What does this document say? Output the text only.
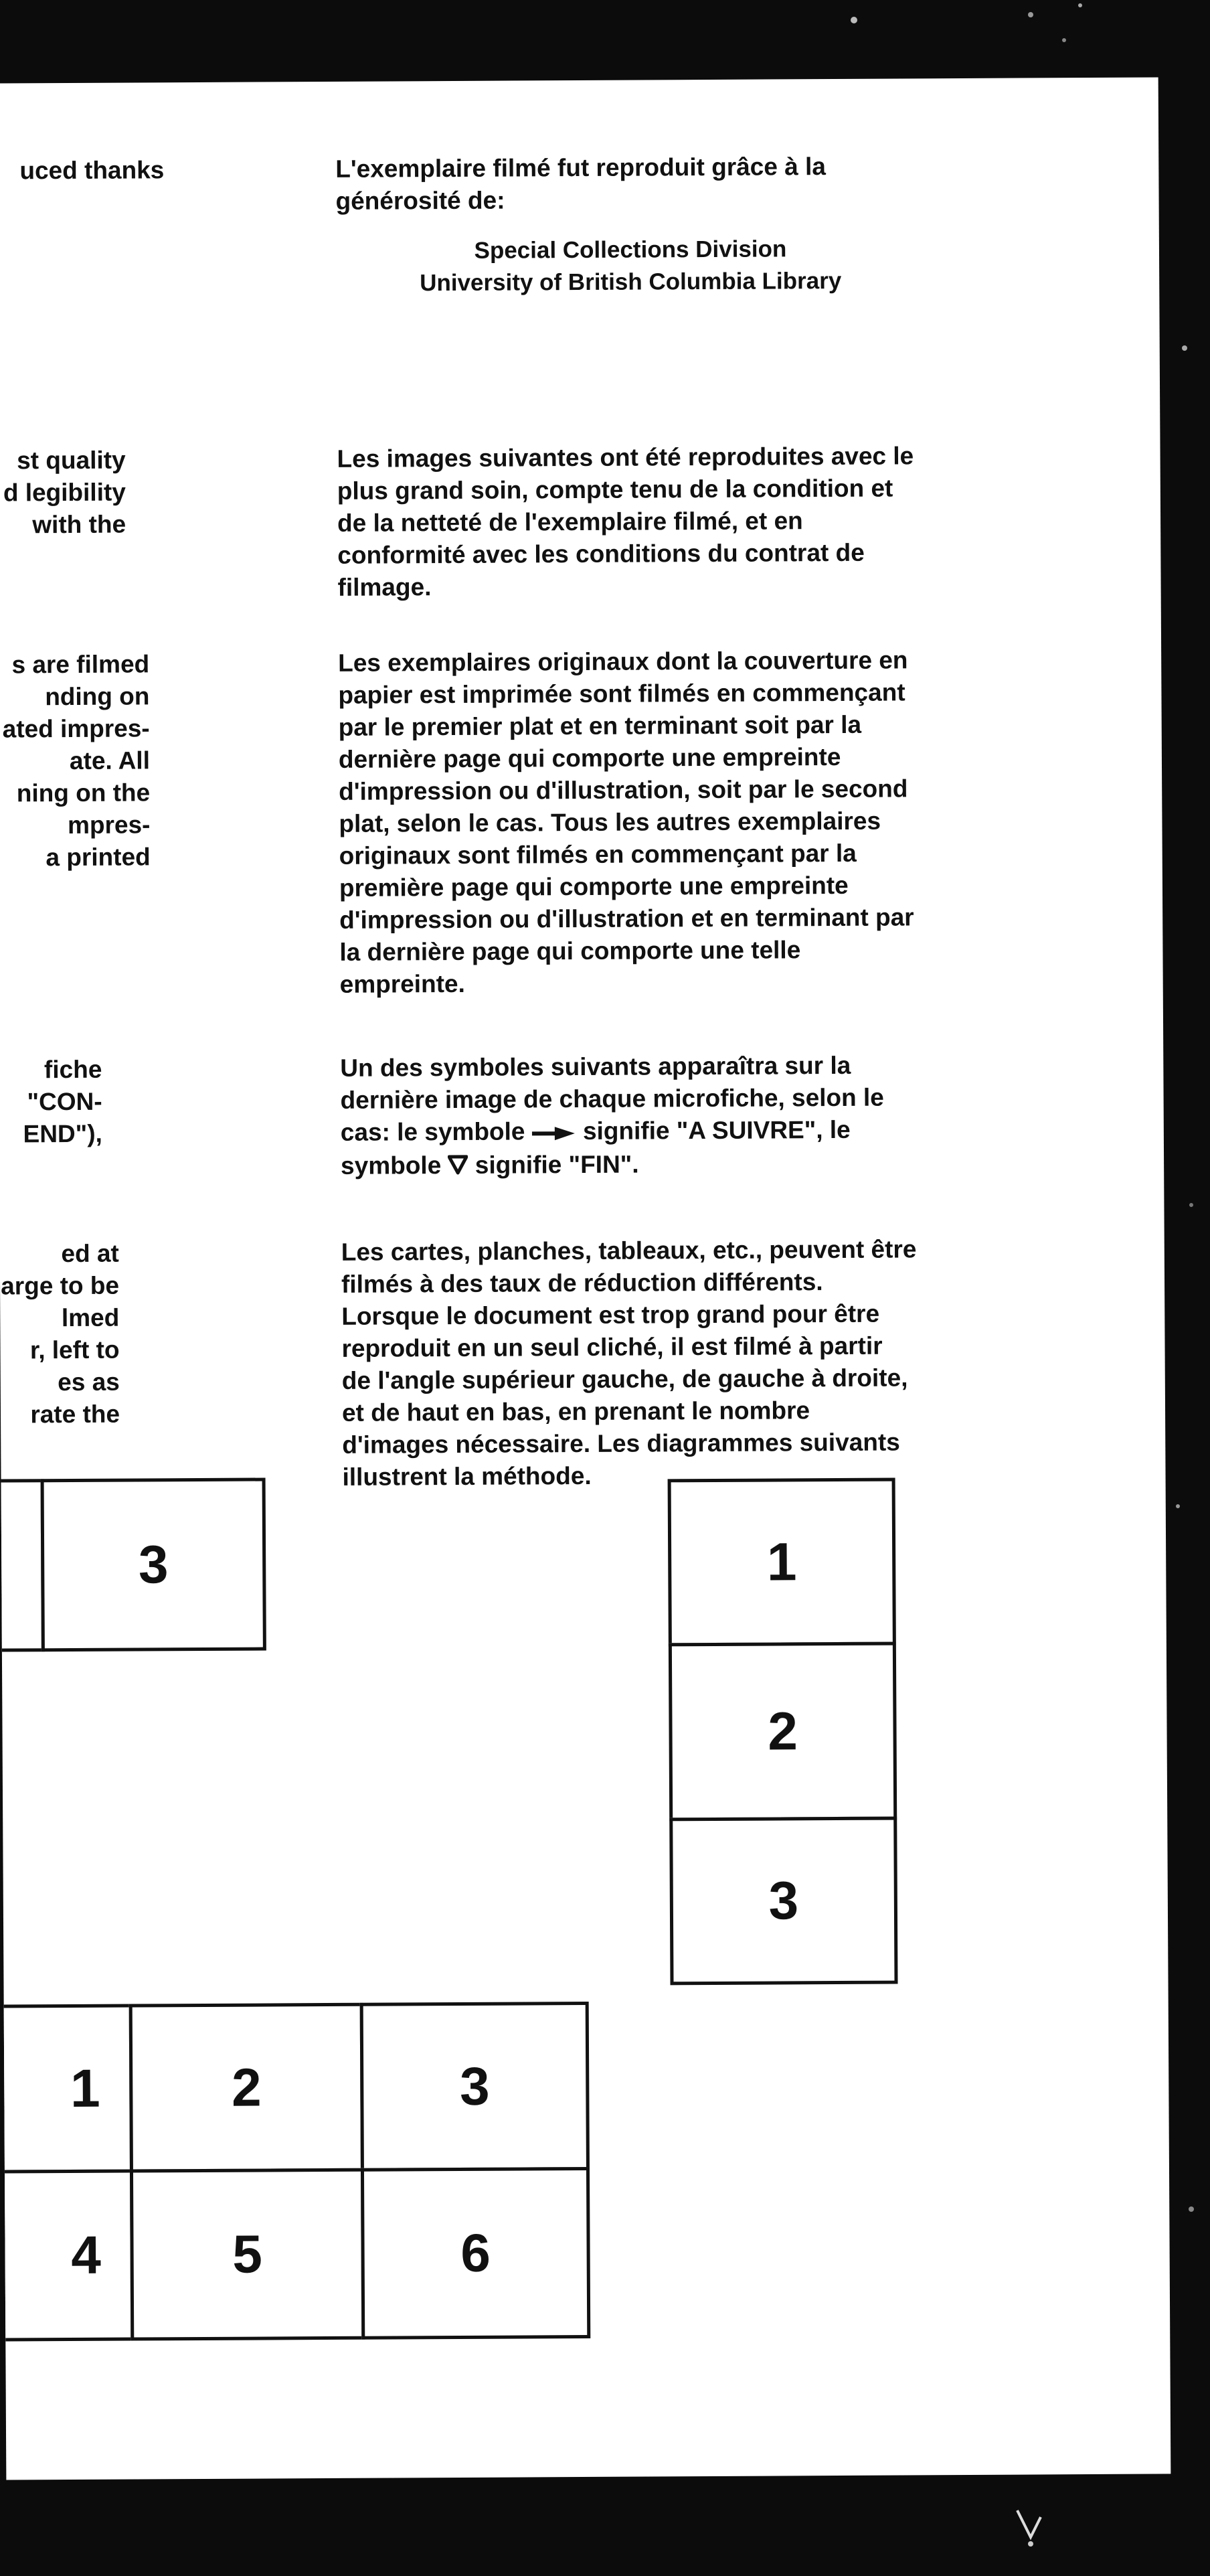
uced thanks
st quality
d legibility
with the
s are filmed
nding on
ated impres-
ate. All
ning on the
mpres-
a printed
fiche
"CON-
END"),
ed at
arge to be
lmed
r, left to
es as
rate the
L'exemplaire filmé fut reproduit grâce à la
générosité de:
Special Collections Division
University of British Columbia Library
Les images suivantes ont été reproduites avec le
plus grand soin, compte tenu de la condition et
de la netteté de l'exemplaire filmé, et en
conformité avec les conditions du contrat de
filmage.
Les exemplaires originaux dont la couverture en
papier est imprimée sont filmés en commençant
par le premier plat et en terminant soit par la
dernière page qui comporte une empreinte
d'impression ou d'illustration, soit par le second
plat, selon le cas. Tous les autres exemplaires
originaux sont filmés en commençant par la
première page qui comporte une empreinte
d'impression ou d'illustration et en terminant par
la dernière page qui comporte une telle
empreinte.
Un des symboles suivants apparaîtra sur la
dernière image de chaque microfiche, selon le
cas: le symbole  signifie "A SUIVRE", le
symbole  signifie "FIN".
Les cartes, planches, tableaux, etc., peuvent être
filmés à des taux de réduction différents.
Lorsque le document est trop grand pour être
reproduit en un seul cliché, il est filmé à partir
de l'angle supérieur gauche, de gauche à droite,
et de haut en bas, en prenant le nombre
d'images nécessaire. Les diagrammes suivants
illustrent la méthode.
3	1
2
3
1 2	3
4 5	6
